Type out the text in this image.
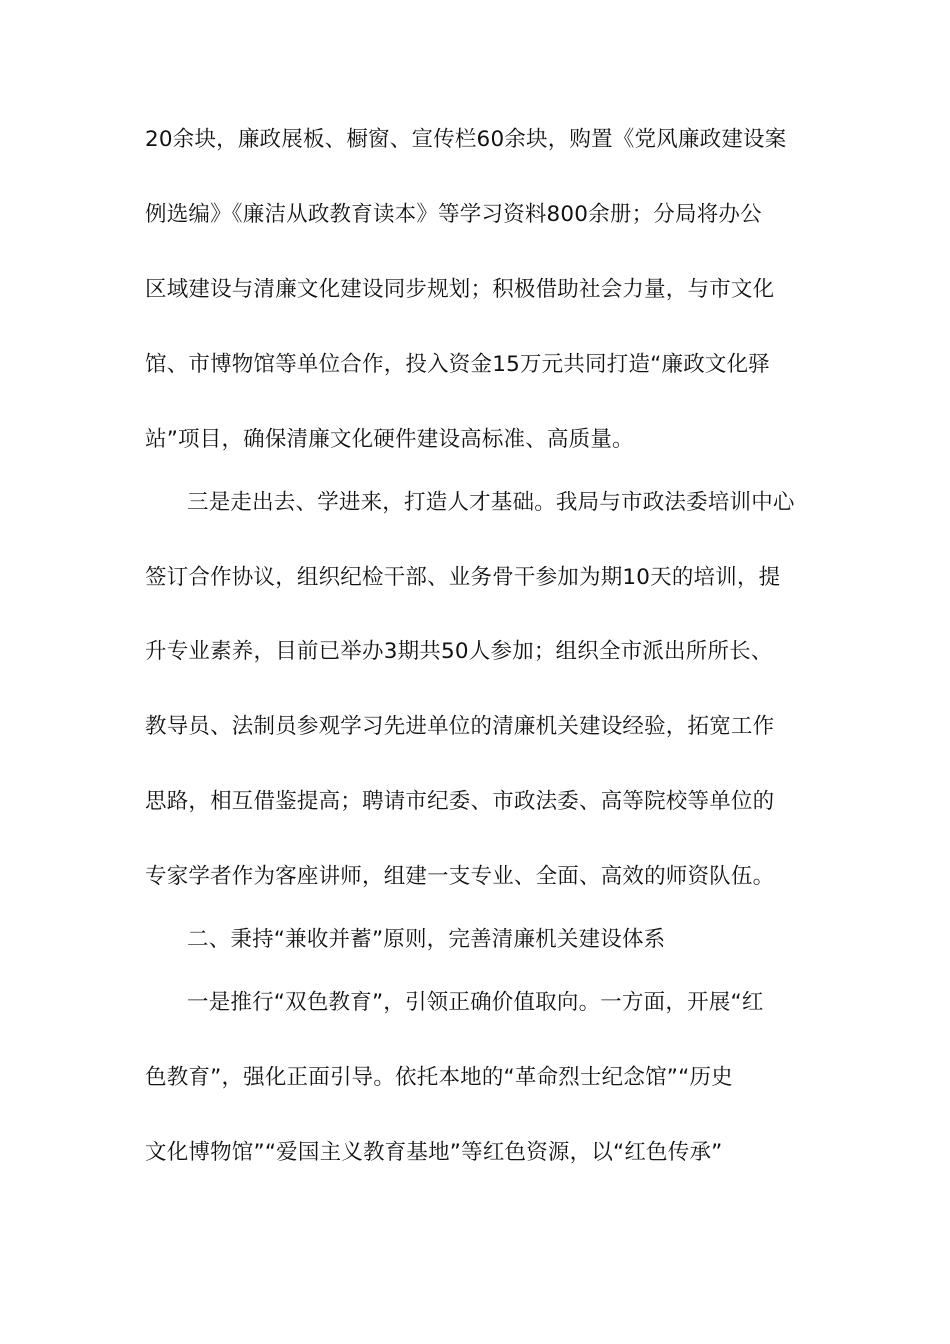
20余块，廉政展板、橱窗、宣传栏60余块，购置《党风廉政建设案
例选编》《廉洁从政教育读本》等学习资料800余册；分局将办公
区域建设与清廉文化建设同步规划；积极借助社会力量，与市文化
馆、市博物馆等单位合作，投入资金15万元共同打造“廉政文化驿
站”项目，确保清廉文化硬件建设高标准、高质量。
三是走出去、学进来，打造人才基础。我局与市政法委培训中心
签订合作协议，组织纪检干部、业务骨干参加为期10天的培训，提
升专业素养，目前已举办3期共50人参加；组织全市派出所所长、
教导员、法制员参观学习先进单位的清廉机关建设经验，拓宽工作
思路，相互借鉴提高；聘请市纪委、市政法委、高等院校等单位的
专家学者作为客座讲师，组建一支专业、全面、高效的师资队伍。
二、秉持“兼收并蓄”原则，完善清廉机关建设体系
一是推行“双色教育”，引领正确价值取向。一方面，开展“红
色教育”，强化正面引导。依托本地的“革命烈士纪念馆”“历史
文化博物馆”“爱国主义教育基地”等红色资源，以“红色传承”
